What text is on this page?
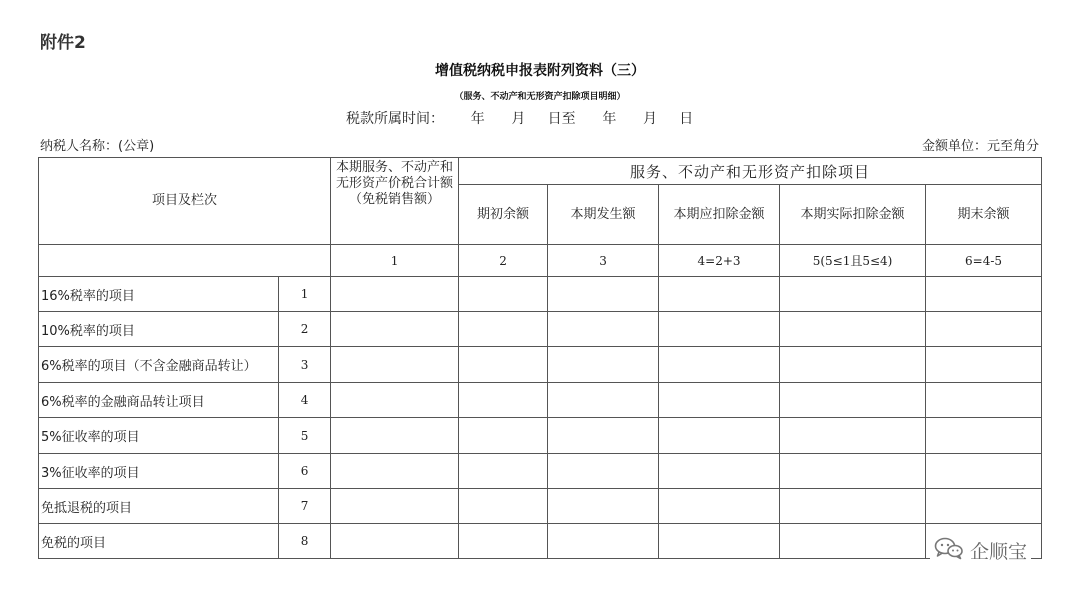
附件2
增值税纳税申报表附列资料（三）
（服务、不动产和无形资产扣除项目明细）
税款所属时间：      年      月     日至      年      月     日
纳税人名称：(公章)	金额单位：元至角分
项目及栏次		本期服务、不动产和无形资产价税合计额（免税销售额）	服务、不动产和无形资产扣除项目				
			期初余额	本期发生额	本期应扣除金额	本期实际扣除金额	期末余额
		1	2	3	4=2+3	5(5≤1且5≤4)	6=4-5
16%税率的项目	1						
10%税率的项目	2						
6%税率的项目（不含金融商品转让）	3						
6%税率的金融商品转让项目	4						
5%征收率的项目	5						
3%征收率的项目	6						
免抵退税的项目	7						
免税的项目	8							企顺宝
